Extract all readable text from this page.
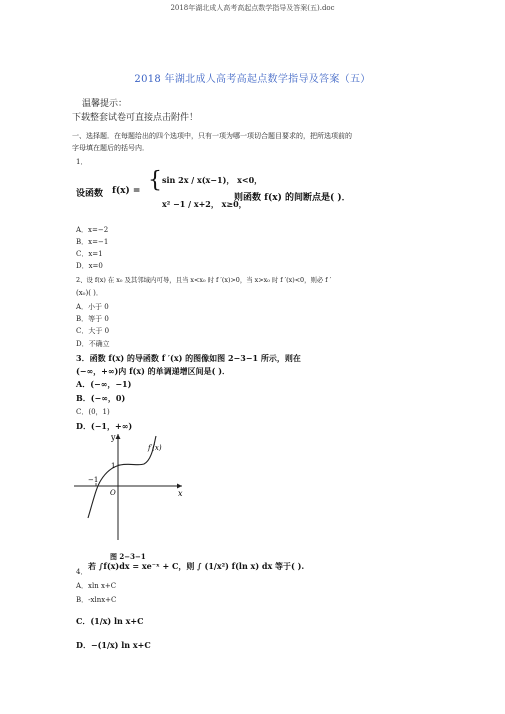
2018年湖北成人高考高起点数学指导及答案(五).doc
2018 年湖北成人高考高起点数学指导及答案（五）
温馨提示：
下载整套试卷可直接点击附件！
一、选择题．在每题给出的四个选项中，只有一项为哪一项切合题目要求的，把所选项前的
字母填在题后的括号内．
1．
设函数 f(x) = { sin 2x / x(x−1)， x<0，
x² −1 / x+2， x≥0，
则函数 f(x) 的间断点是( )．
A．x=−2
B．x=−1
C．x=1
D．x=0
2、设 f(x) 在 x₀ 及其邻域内可导，且当 x<x₀ 时 f ′(x)>0，当 x>x₀ 时 f ′(x)<0，则必 f ′
(x₀)( )．
A．小于 0
B．等于 0
C．大于 0
D．不确立
3．函数 f(x) 的导函数 f ′(x) 的图像如图 2−3−1 所示，则在
(−∞，+∞)内 f(x) 的单调递增区间是( )．
A．(−∞，−1)
B．(−∞，0)
C．(0，1)
D．(−1，+∞)
y
x
O
f′(x)
−1
1
图 2−3−1
4．
若 ∫f(x)dx = xe⁻ˣ + C，则 ∫ (1/x²) f(ln x) dx 等于( ).
A．xln x+C
B．-xlnx+C
C．(1/x) ln x+C
D．−(1/x) ln x+C
